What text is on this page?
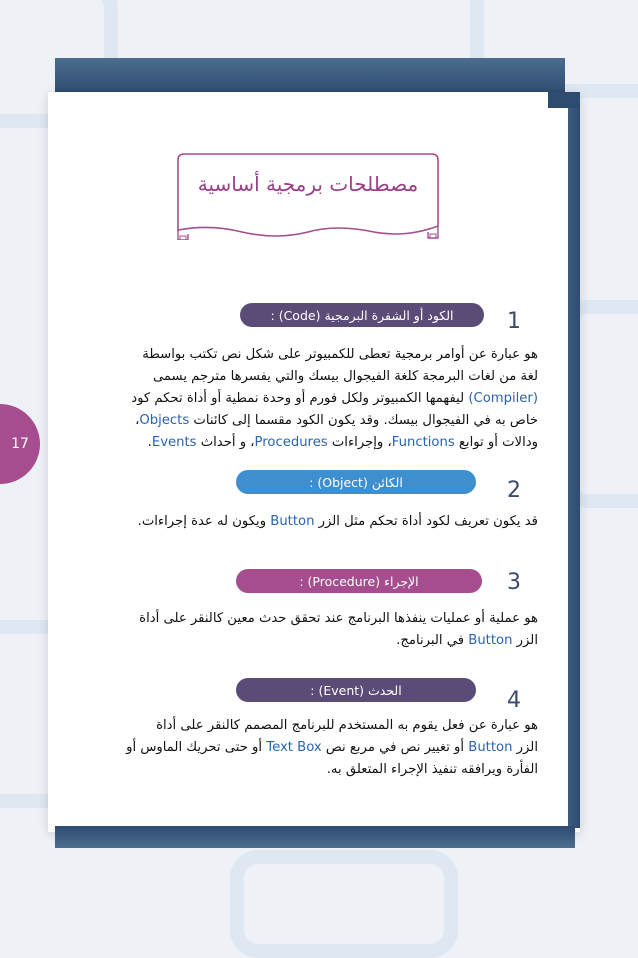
17
مصطلحات برمجية أساسية
الكود أو الشفرة البرمجية (Code) : 1
هو عبارة عن أوامر برمجية تعطى للكمبيوتر على شكل نص تكتب بواسطة
لغة من لغات البرمجة كلغة الفيجوال بيسك والتي يفسرها مترجم يسمى
(Compiler) ليفهمها الكمبيوتر ولكل فورم أو وحدة نمطية أو أداة تحكم كود
خاص به في الفيجوال بيسك. وقد يكون الكود مقسما إلى كائنات Objects،
ودالات أو توابع Functions، وإجراءات Procedures، و أحداث Events.
الكائن (Object) :	2
قد يكون تعريف لكود أداة تحكم مثل الزر Button ويكون له عدة إجراءات.
الإجراء (Procedure) :	3
هو عملية أو عمليات ينفذها البرنامج عند تحقق حدث معين كالنقر على أداة
الزر Button في البرنامج.
الحدث (Event) :	4
هو عبارة عن فعل يقوم به المستخدم للبرنامج المصمم كالنقر على أداة
الزر Button أو تغيير نص في مربع نص Text Box أو حتى تحريك الماوس أو
الفأرة ويرافقه تنفيذ الإجراء المتعلق به.
